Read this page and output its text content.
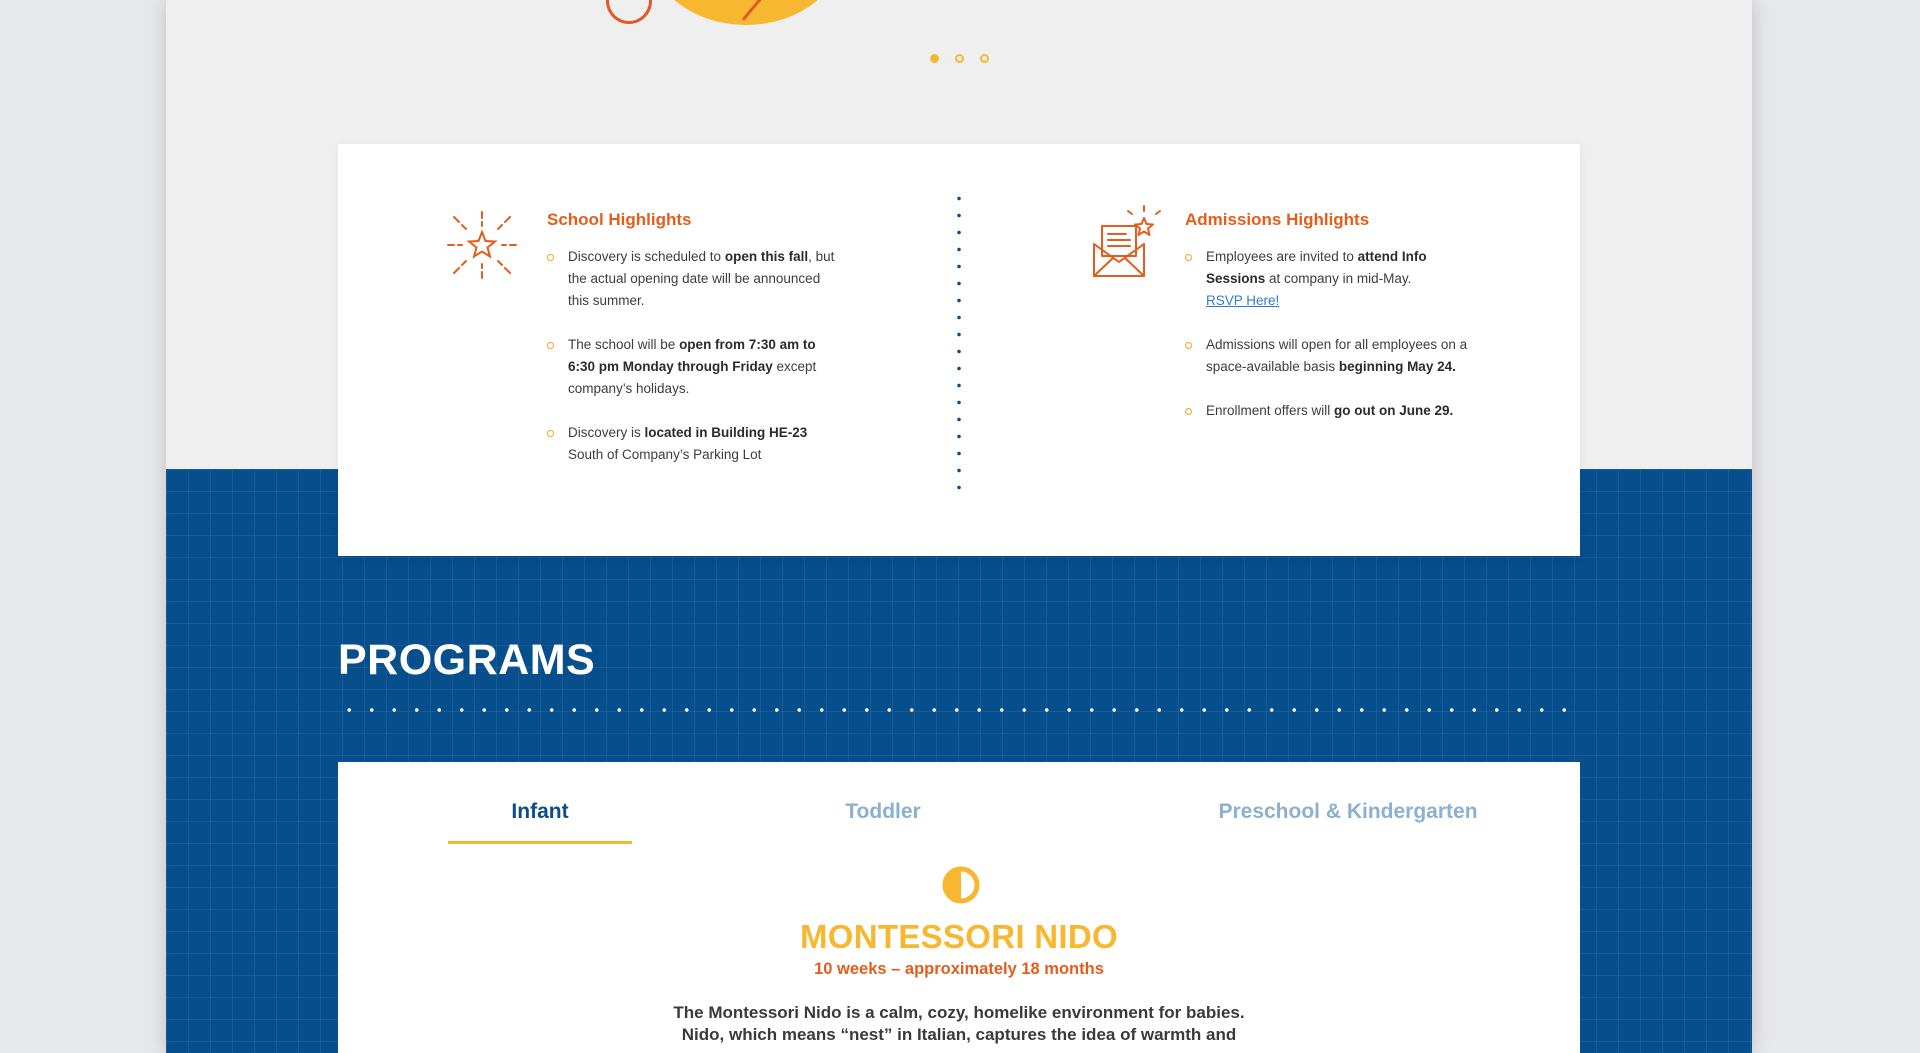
School Highlights
Discovery is scheduled to open this fall, but the actual opening date will be announced this summer.
The school will be open from 7:30 am to 6:30 pm Monday through Friday except company’s holidays.
Discovery is located in Building HE-23 South of Company’s Parking Lot
Admissions Highlights
Employees are invited to attend Info Sessions at company in mid-May.
RSVP Here!
Admissions will open for all employees on a space-available basis beginning May 24.
Enrollment offers will go out on June 29.
PROGRAMS
Infant	Toddler	Preschool & Kindergarten
MONTESSORI NIDO
10 weeks – approximately 18 months

The Montessori Nido is a calm, cozy, homelike environment for babies. Nido, which means “nest” in Italian, captures the idea of warmth and
